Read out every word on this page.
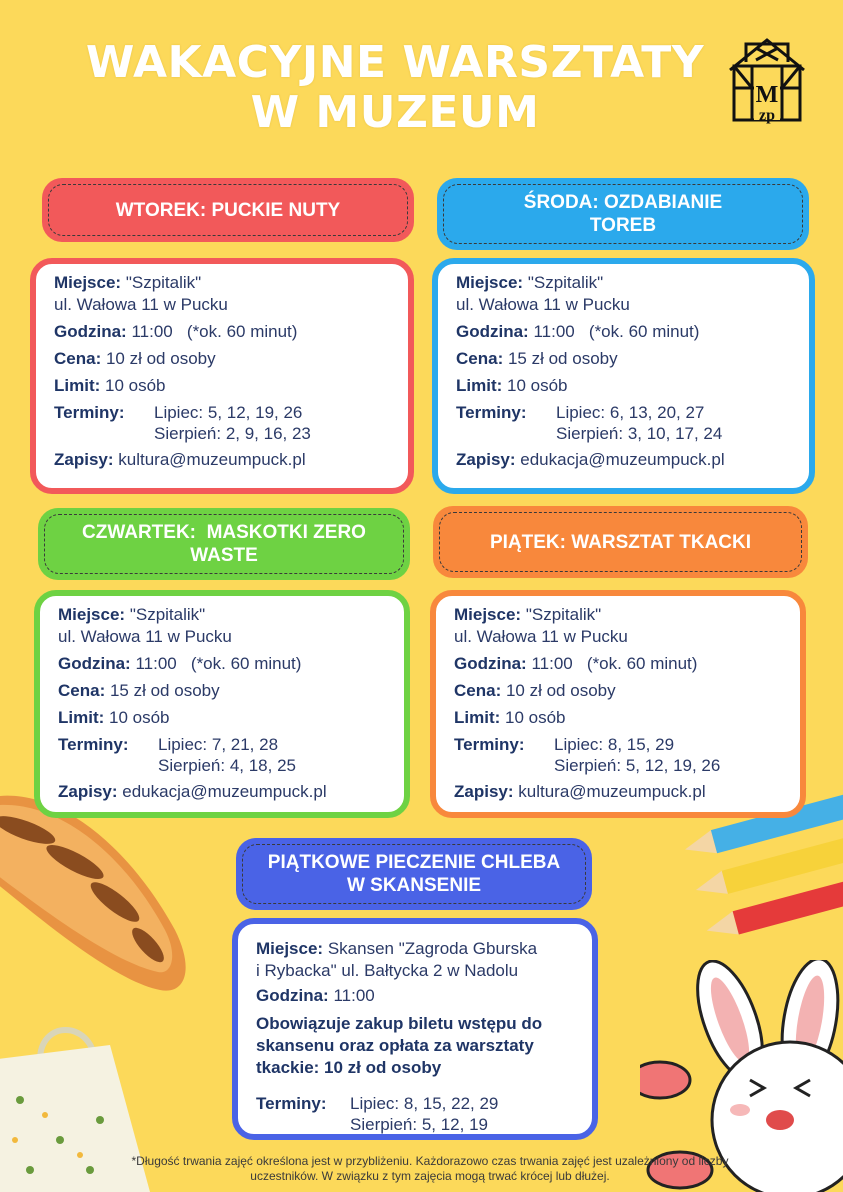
WAKACYJNE WARSZTATY
W MUZEUM	M
zp
WTOREK: PUCKIE NUTY
Miejsce: "Szpitalik"
ul. Wałowa 11 w Pucku
Godzina: 11:00   (*ok. 60 minut)
Cena: 10 zł od osoby
Limit: 10 osób
Terminy:	Lipiec: 5, 12, 19, 26
Sierpień: 2, 9, 16, 23
Zapisy: kultura@muzeumpuck.pl
ŚRODA: OZDABIANIE TOREB
Miejsce: "Szpitalik"
ul. Wałowa 11 w Pucku
Godzina: 11:00   (*ok. 60 minut)
Cena: 15 zł od osoby
Limit: 10 osób
Terminy:	Lipiec: 6, 13, 20, 27
Sierpień: 3, 10, 17, 24
Zapisy: edukacja@muzeumpuck.pl
CZWARTEK:  MASKOTKI ZERO WASTE
Miejsce: "Szpitalik"
ul. Wałowa 11 w Pucku
Godzina: 11:00   (*ok. 60 minut)
Cena: 15 zł od osoby
Limit: 10 osób
Terminy:	Lipiec: 7, 21, 28
Sierpień: 4, 18, 25
Zapisy: edukacja@muzeumpuck.pl
PIĄTEK: WARSZTAT TKACKI
Miejsce: "Szpitalik"
ul. Wałowa 11 w Pucku
Godzina: 11:00   (*ok. 60 minut)
Cena: 10 zł od osoby
Limit: 10 osób
Terminy:	Lipiec: 8, 15, 29
Sierpień: 5, 12, 19, 26
Zapisy: kultura@muzeumpuck.pl
PIĄTKOWE PIECZENIE CHLEBA W SKANSENIE
Miejsce: Skansen "Zagroda Gburska
i Rybacka" ul. Bałtycka 2 w Nadolu
Godzina: 11:00
Obowiązuje zakup biletu wstępu do skansenu oraz opłata za warsztaty tkackie: 10 zł od osoby
Terminy:	Lipiec: 8, 15, 22, 29
Sierpień: 5, 12, 19
*Długość trwania zajęć określona jest w przybliżeniu. Każdorazowo czas trwania zajęć jest uzależniony od liczby uczestników. W związku z tym zajęcia mogą trwać krócej lub dłużej.
